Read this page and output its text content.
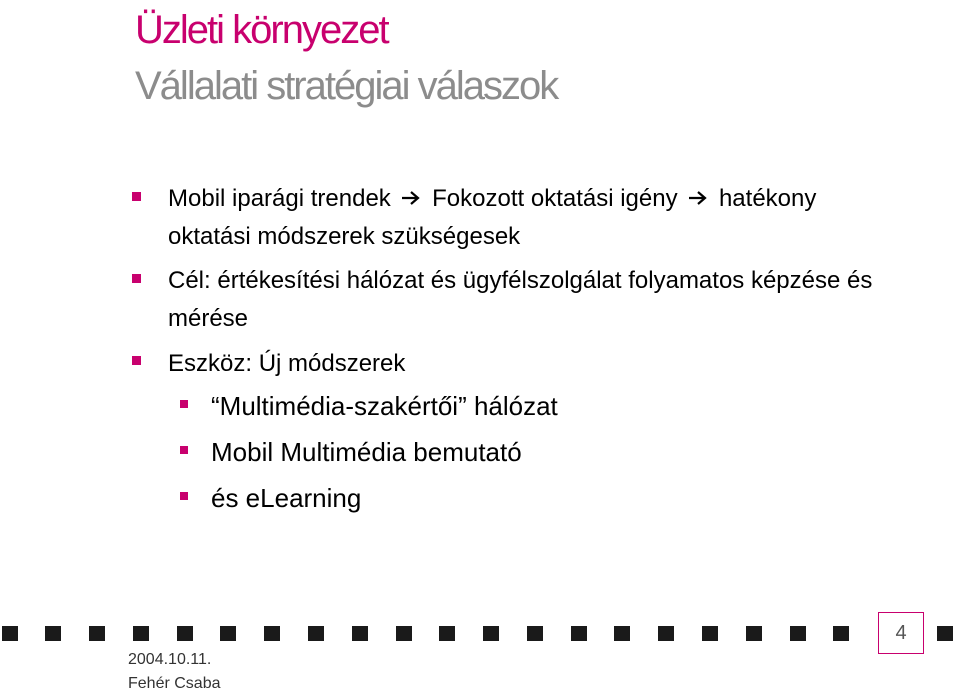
Üzleti környezet
Vállalati stratégiai válaszok
Mobil iparági trendek Fokozott oktatási igény hatékony
oktatási módszerek szükségesek
Cél: értékesítési hálózat és ügyfélszolgálat folyamatos képzése és
mérése
Eszköz: Új módszerek
“Multimédia-szakértői” hálózat
Mobil Multimédia bemutató
és eLearning
4
2004.10.11.
Fehér Csaba
